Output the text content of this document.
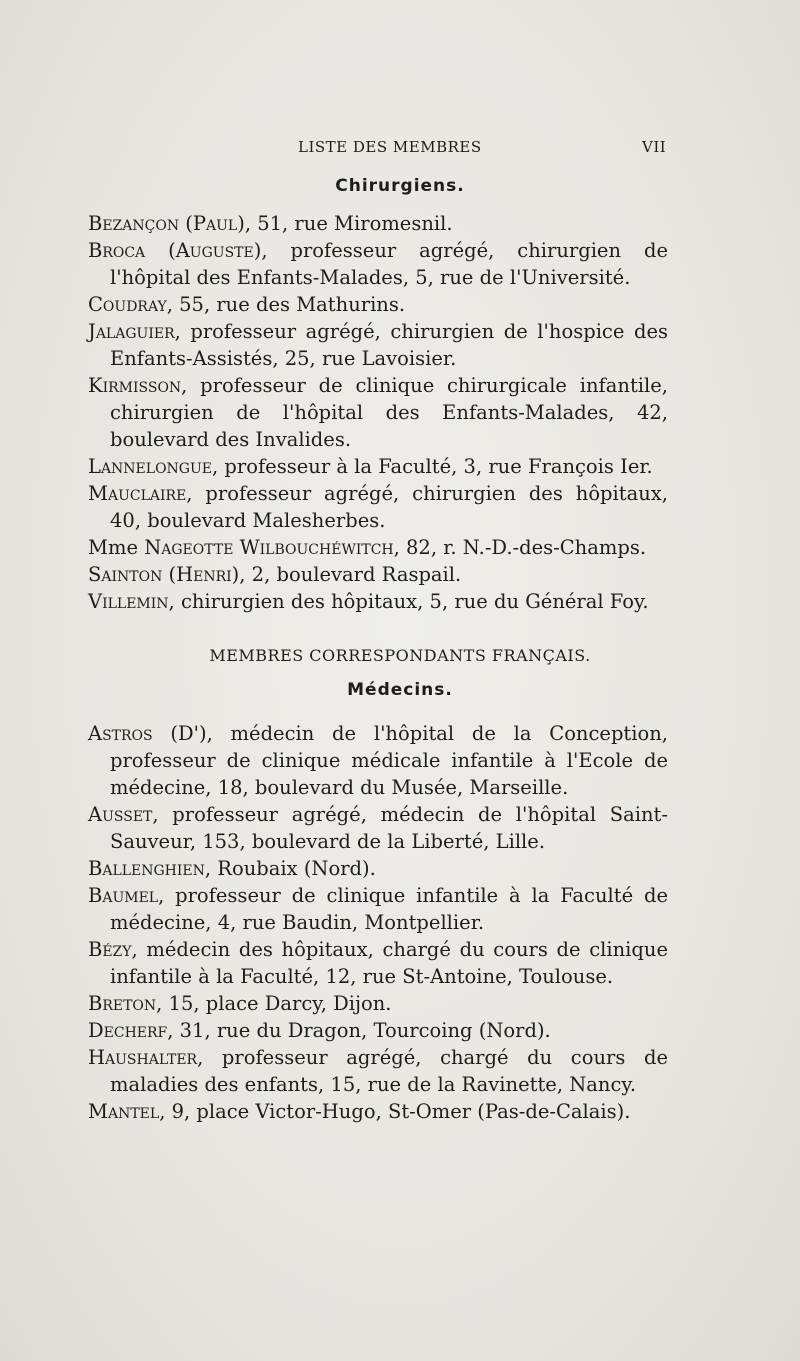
LISTE DES MEMBRES	VII
Chirurgiens.
Bezançon (Paul), 51, rue Miromesnil.
Broca (Auguste), professeur agrégé, chirurgien de l'hôpital des Enfants-Malades, 5, rue de l'Université.
Coudray, 55, rue des Mathurins.
Jalaguier, professeur agrégé, chirurgien de l'hospice des Enfants-Assistés, 25, rue Lavoisier.
Kirmisson, professeur de clinique chirurgicale infantile, chirurgien de l'hôpital des Enfants-Malades, 42, boulevard des Invalides.
Lannelongue, professeur à la Faculté, 3, rue François Ier.
Mauclaire, professeur agrégé, chirurgien des hôpitaux, 40, boulevard Malesherbes.
Mme Nageotte Wilbouchéwitch, 82, r. N.-D.-des-Champs.
Sainton (Henri), 2, boulevard Raspail.
Villemin, chirurgien des hôpitaux, 5, rue du Général Foy.
MEMBRES CORRESPONDANTS FRANÇAIS.
Médecins.
Astros (D'), médecin de l'hôpital de la Conception, professeur de clinique médicale infantile à l'Ecole de médecine, 18, boulevard du Musée, Marseille.
Ausset, professeur agrégé, médecin de l'hôpital Saint-Sauveur, 153, boulevard de la Liberté, Lille.
Ballenghien, Roubaix (Nord).
Baumel, professeur de clinique infantile à la Faculté de médecine, 4, rue Baudin, Montpellier.
Bézy, médecin des hôpitaux, chargé du cours de clinique infantile à la Faculté, 12, rue St-Antoine, Toulouse.
Breton, 15, place Darcy, Dijon.
Decherf, 31, rue du Dragon, Tourcoing (Nord).
Haushalter, professeur agrégé, chargé du cours de maladies des enfants, 15, rue de la Ravinette, Nancy.
Mantel, 9, place Victor-Hugo, St-Omer (Pas-de-Calais).
